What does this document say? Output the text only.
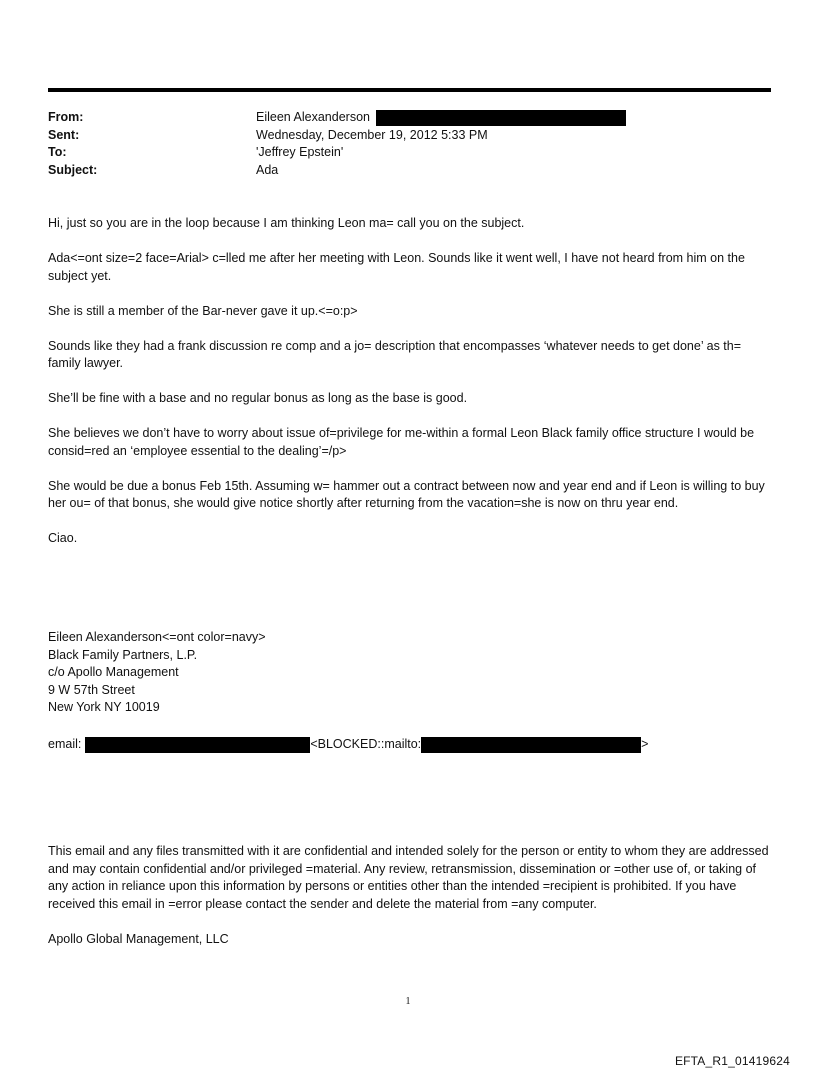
From:	Eileen Alexanderson
Sent:	Wednesday, December 19, 2012 5:33 PM
To:	'Jeffrey Epstein'
Subject:	Ada

Hi, just so you are in the loop because I am thinking Leon ma= call you on the subject.

Ada<=ont size=2 face=Arial> c=lled me after her meeting with Leon. Sounds like it went well, I have not heard from him on the subject yet.

She is still a member of the Bar-never gave it up.<=o:p>

Sounds like they had a frank discussion re comp and a jo= description that encompasses ‘whatever needs to get done’ as th= family lawyer.

She’ll be fine with a base and no regular bonus as long as the base is good.

She believes we don’t have to worry about issue of=privilege for me-within a formal Leon Black family office structure I would be consid=red an ‘employee essential to the dealing’=/p>

She would be due a bonus Feb 15th. Assuming w= hammer out a contract between now and year end and if Leon is willing to buy her ou= of that bonus, she would give notice shortly after returning from the vacation=she is now on thru year end.

Ciao.

Eileen Alexanderson<=ont color=navy>
Black Family Partners, L.P.
c/o Apollo Management
9 W 57th Street
New York NY 10019
email:	<BLOCKED::mailto:	>

This email and any files transmitted with it are confidential and intended solely for the person or entity to whom they are addressed and may contain confidential and/or privileged =material. Any review, retransmission, dissemination or =other use of, or taking of any action in reliance upon this information by persons or entities other than the intended =recipient is prohibited. If you have received this email in =error please contact the sender and delete the material from =any computer.

Apollo Global Management, LLC

1
EFTA_R1_01419624
